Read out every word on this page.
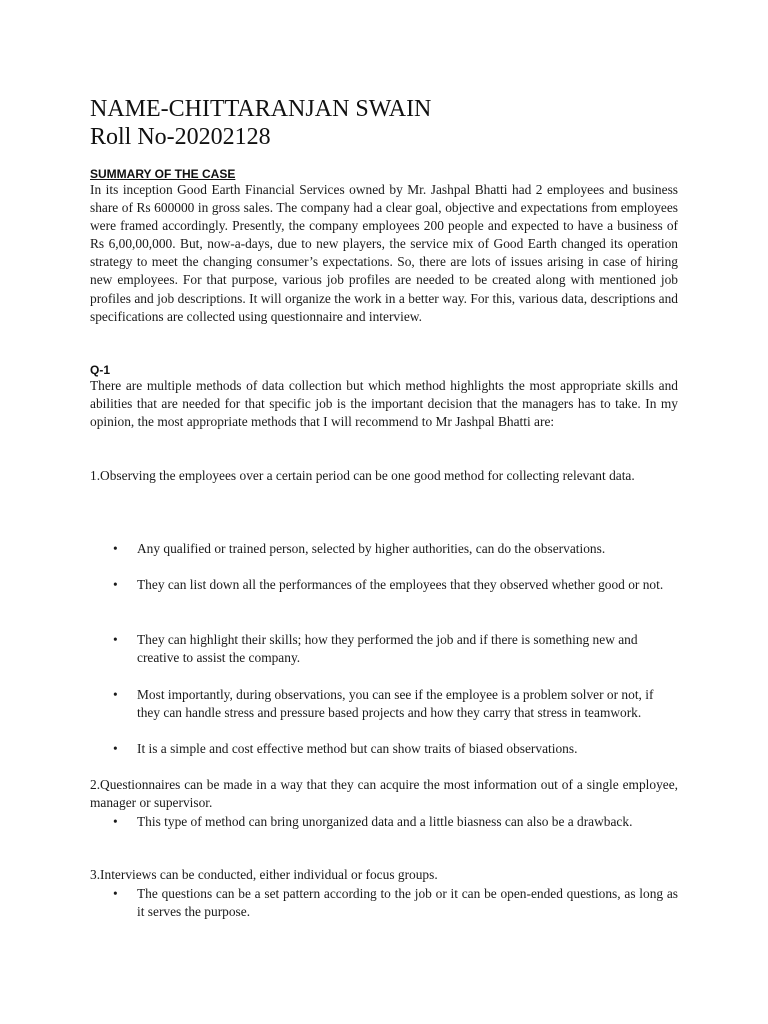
NAME-CHITTARANJAN SWAIN
Roll No-20202128
SUMMARY OF THE CASE
In its inception Good Earth Financial Services owned by Mr. Jashpal Bhatti had 2 employees and business share of Rs 600000 in gross sales. The company had a clear goal, objective and expectations from employees were framed accordingly. Presently, the company employees 200 people and expected to have a business of Rs 6,00,00,000. But, now-a-days, due to new players, the service mix of Good Earth changed its operation strategy to meet the changing consumer’s expectations. So, there are lots of issues arising in case of hiring new employees. For that purpose, various job profiles are needed to be created along with mentioned job profiles and job descriptions. It will organize the work in a better way. For this, various data, descriptions and specifications are collected using questionnaire and interview.
Q-1
There are multiple methods of data collection but which method highlights the most appropriate skills and abilities that are needed for that specific job is the important decision that the managers has to take. In my opinion, the most appropriate methods that I will recommend to Mr Jashpal Bhatti are:
1.Observing the employees over a certain period can be one good method for collecting relevant data.
•	Any qualified or trained person, selected by higher authorities, can do the observations.
•	They can list down all the performances of the employees that they observed whether good or not.
•	They can highlight their skills; how they performed the job and if there is something new and creative to assist the company.
•	Most importantly, during observations, you can see if the employee is a problem solver or not, if they can handle stress and pressure based projects and how they carry that stress in teamwork.
•	It is a simple and cost effective method but can show traits of biased observations.
2.Questionnaires can be made in a way that they can acquire the most information out of a single employee, manager or supervisor.
•	This type of method can bring unorganized data and a little biasness can also be a drawback.
3.Interviews can be conducted, either individual or focus groups.
•	The questions can be a set pattern according to the job or it can be open-ended questions, as long as it serves the purpose.
